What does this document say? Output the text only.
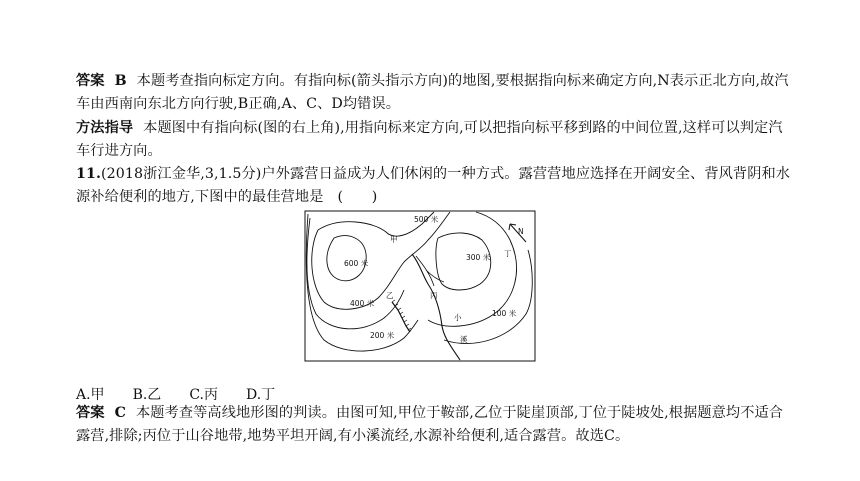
答案 B 本题考查指向标定方向。有指向标(箭头指示方向)的地图,要根据指向标来确定方向,N表示正北方向,故汽车由西南向东北方向行驶,B正确,A、C、D均错误。
方法指导 本题图中有指向标(图的右上角),用指向标来定方向,可以把指向标平移到路的中间位置,这样可以判定汽车行进方向。
11.(2018浙江金华,3,1.5分)户外露营日益成为人们休闲的一种方式。露营营地应选择在开阔安全、背风背阴和水源补给便利的地方,下图中的最佳营地是 (　　)
N
500 米
600 米
300 米
400 米
200 米
100 米
甲
乙	丙
丁
小
溪
A.甲 B.乙 C.丙 D.丁
答案 C 本题考查等高线地形图的判读。由图可知,甲位于鞍部,乙位于陡崖顶部,丁位于陡坡处,根据题意均不适合露营,排除;丙位于山谷地带,地势平坦开阔,有小溪流经,水源补给便利,适合露营。故选C。
